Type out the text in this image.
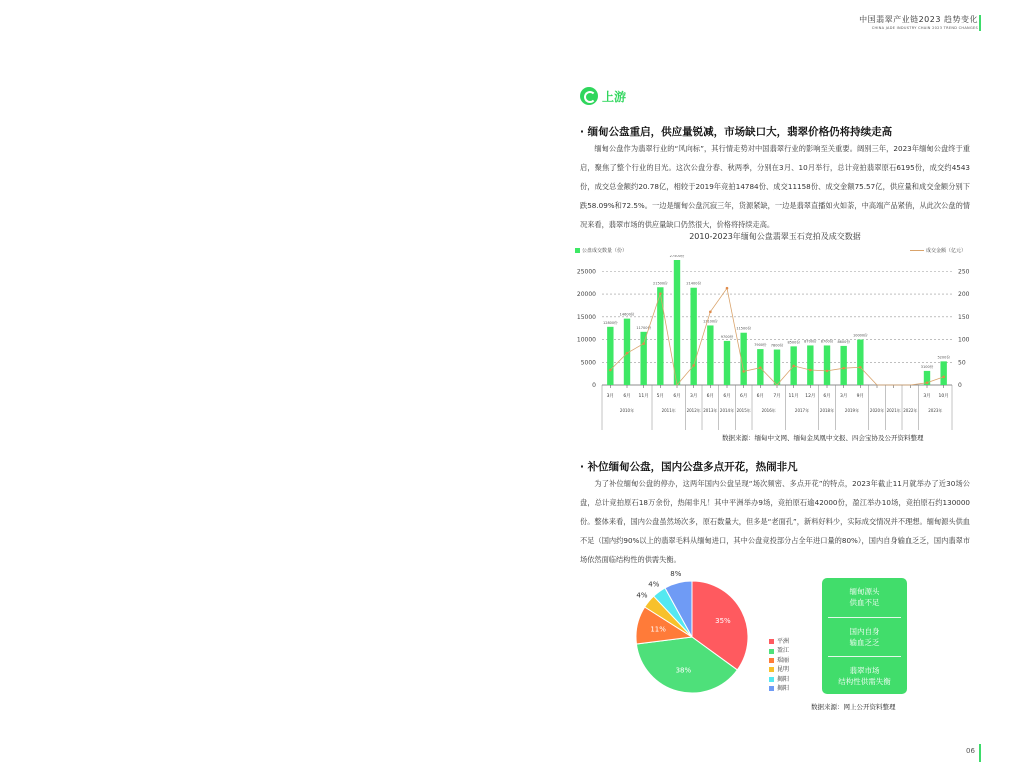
中国翡翠产业链2023 趋势变化
CHINA JADE INDUSTRY CHAIN 2023 TREND CHANGES
上游
· 缅甸公盘重启，供应量锐减，市场缺口大，翡翠价格仍将持续走高
缅甸公盘作为翡翠行业的“风向标”，其行情走势对中国翡翠行业的影响至关重要。阔别三年，2023年缅甸公盘终于重启，聚焦了整个行业的目光。这次公盘分春、秋两季，分别在3月、10月举行，总计竞拍翡翠原石6195份，成交约4543份，成交总金额约20.78亿，相较于2019年竞拍14784份、成交11158份、成交金额75.57亿，供应量和成交金额分别下跌58.09%和72.5%。一边是缅甸公盘沉寂三年，货源紧缺，一边是翡翠直播如火如荼，中高端产品紧俏，从此次公盘的情况来看，翡翠市场的供应量缺口仍然很大，价格将持续走高。
2010-2023年缅甸公盘翡翠玉石竞拍及成交数据
公盘成交数量（份）	成交金额（亿元）
0
5000
10000
15000
20000
25000
0
50
100
150
200
250
12800份
3月
14600份
6月
11700份
11月
21500份
5月
27500份
6月
21400份
3月
13100份
6月
9700份
6月
11500份
6月
7900份
6月
7800份
7月
8500份
11月
8700份
12月
8700份
6月
8600份
3月
10000份
9月
3100份
3月
5200份
10月
2010年	2011年	2012年 2013年 2014年 2015年	2016年	2017年	2018年	2019年	2020年 2021年 2022年	2023年
数据来源：缅甸中文网、缅甸金凤凰中文报、四会宝协及公开资料整理
· 补位缅甸公盘，国内公盘多点开花，热闹非凡
为了补位缅甸公盘的停办，这两年国内公盘呈现“场次频密、多点开花”的特点，2023年截止11月就举办了近30场公盘，总计竞拍原石18万余份，热闹非凡！其中平洲举办9场，竞拍原石逾42000份，盈江举办10场，竞拍原石约130000份。整体来看，国内公盘虽然场次多，原石数量大，但多是“老面孔”，新料好料少，实际成交情况并不理想。缅甸源头供血不足（国内约90%以上的翡翠毛料从缅甸进口，其中公盘竞投部分占全年进口量的80%），国内自身输血乏乏，国内翡翠市场依然面临结构性的供需失衡。
35%
38%
11%
4%
4%
8%
平洲
盈江
瑞丽
昆明
揭阳
揭阳
缅甸源头
供血不足
国内自身
输血乏乏
翡翠市场
结构性供需失衡
数据来源：网上公开资料整理
06
